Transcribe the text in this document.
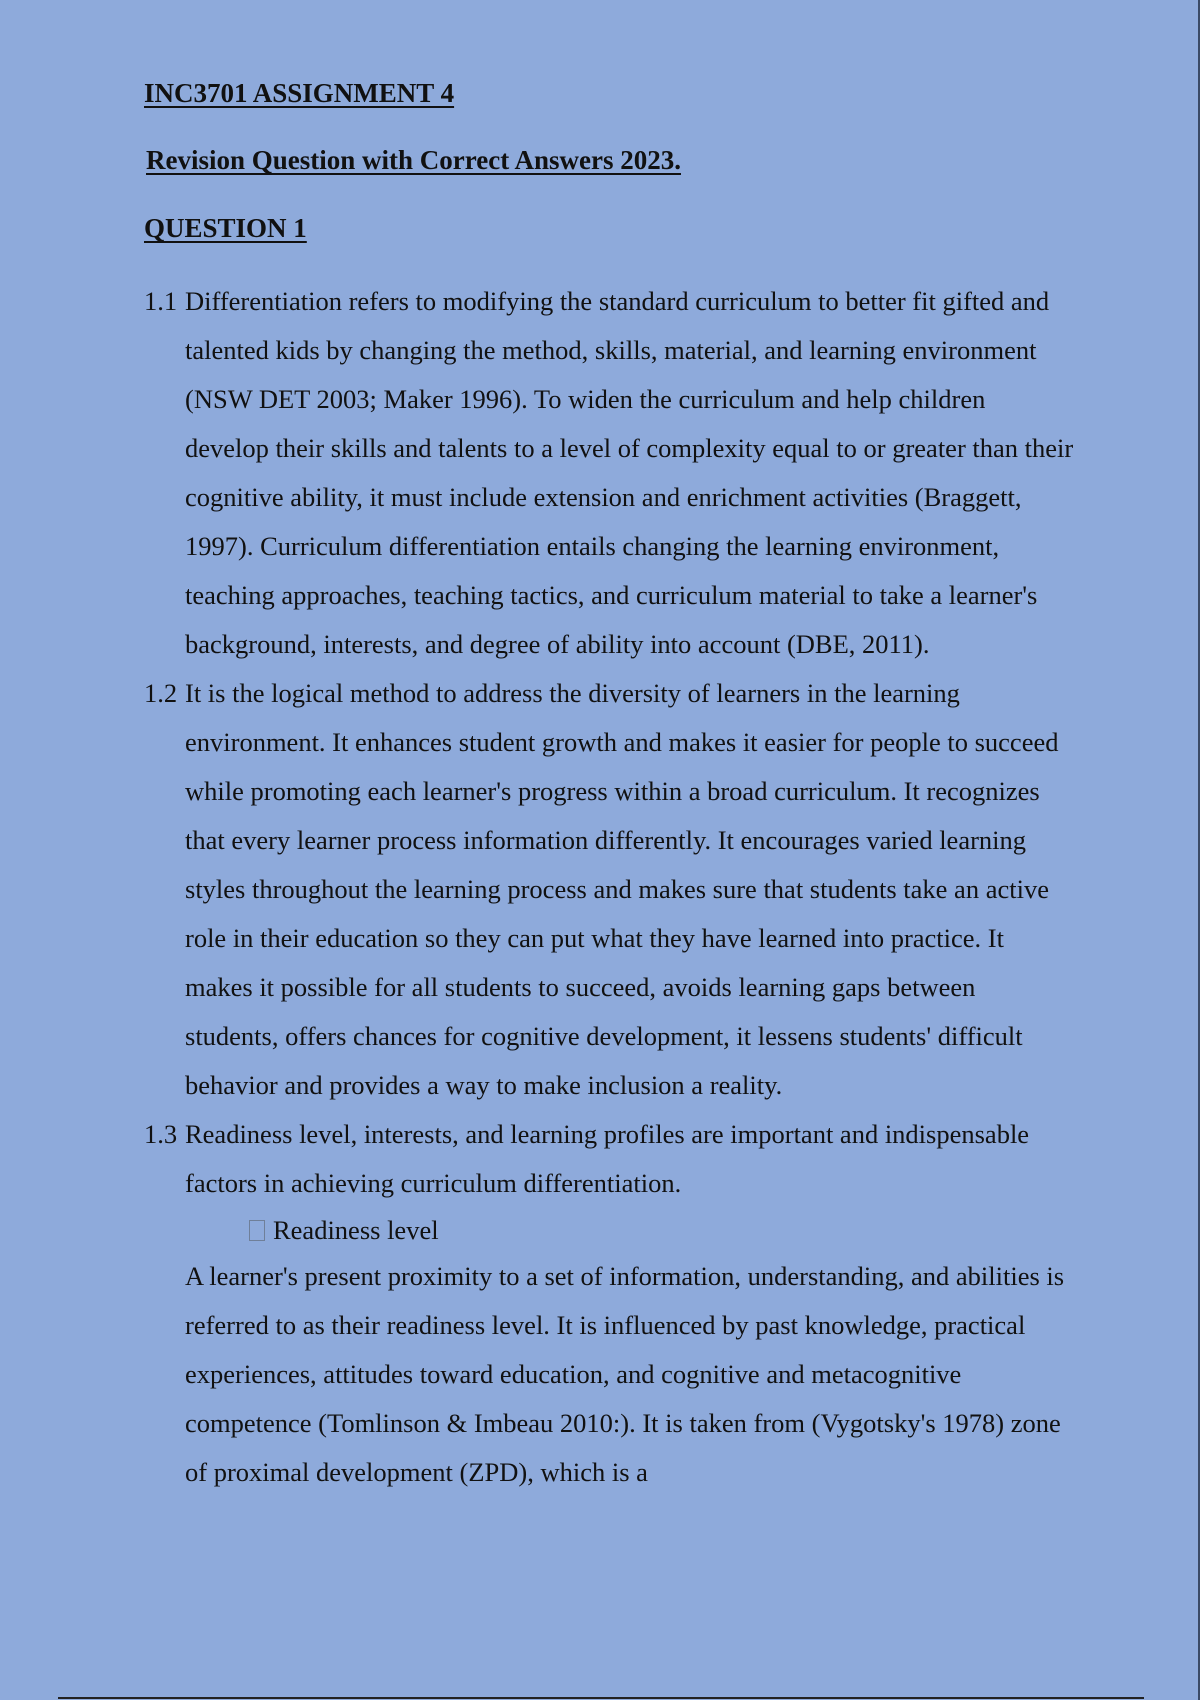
INC3701 ASSIGNMENT 4
Revision Question with Correct Answers 2023.
QUESTION 1
1.1 Differentiation refers to modifying the standard curriculum to better fit gifted and talented kids by changing the method, skills, material, and learning environment (NSW DET 2003; Maker 1996). To widen the curriculum and help children develop their skills and talents to a level of complexity equal to or greater than their cognitive ability, it must include extension and enrichment activities (Braggett, 1997). Curriculum differentiation entails changing the learning environment, teaching approaches, teaching tactics, and curriculum material to take a learner's background, interests, and degree of ability into account (DBE, 2011).

1.2 It is the logical method to address the diversity of learners in the learning environment. It enhances student growth and makes it easier for people to succeed while promoting each learner's progress within a broad curriculum. It recognizes that every learner process information differently. It encourages varied learning styles throughout the learning process and makes sure that students take an active role in their education so they can put what they have learned into practice. It makes it possible for all students to succeed, avoids learning gaps between students, offers chances for cognitive development, it lessens students' difficult behavior and provides a way to make inclusion a reality.

1.3 Readiness level, interests, and learning profiles are important and indispensable factors in achieving curriculum differentiation.

Readiness level

A learner's present proximity to a set of information, understanding, and abilities is referred to as their readiness level. It is influenced by past knowledge, practical experiences, attitudes toward education, and cognitive and metacognitive competence (Tomlinson & Imbeau 2010:). It is taken from (Vygotsky's 1978) zone of proximal development (ZPD), which is a
